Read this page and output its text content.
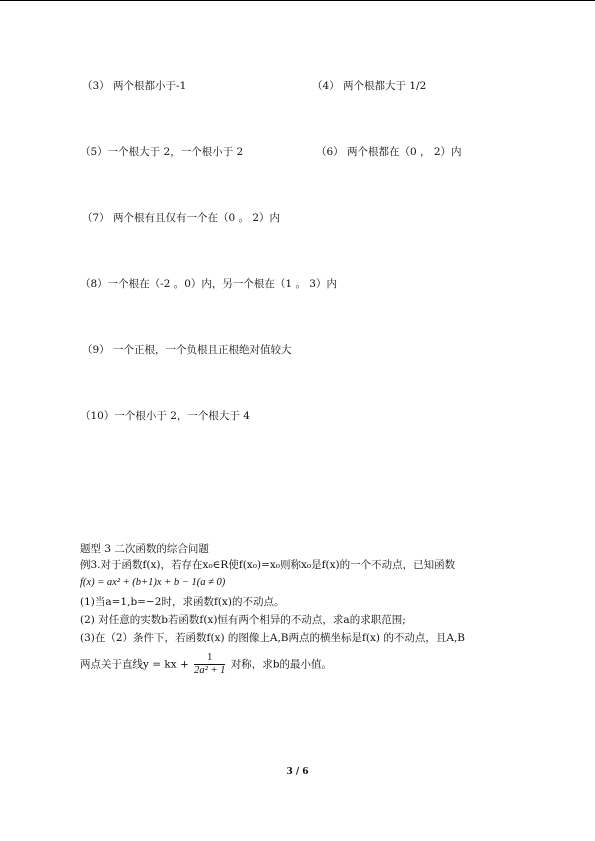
（3） 两个根都小于-1	（4） 两个根都大于 1/2
（5）一个根大于 2，一个根小于 2	（6） 两个根都在（0 ， 2）内
（7） 两个根有且仅有一个在（0 。 2）内
（8）一个根在（-2 。0）内，另一个根在（1 。 3）内
（9） 一个正根，一个负根且正根绝对值较大
（10）一个根小于 2，一个根大于 4
题型 3 二次函数的综合问题
例3.对于函数f(x)，若存在x₀∈R使f(x₀)=x₀则称x₀是f(x)的一个不动点，已知函数
f(x) = ax² + (b+1)x + b − 1(a ≠ 0)
(1)当a=1,b=−2时，求函数f(x)的不动点。
(2) 对任意的实数b若函数f(x)恒有两个相异的不动点，求a的求职范围;
(3)在（2）条件下，若函数f(x) 的图像上A,B两点的横坐标是f(x) 的不动点，且A,B
两点关于直线y = kx + $\frac{1}{\text{2a² + 1}}$ 对称，求b的最小值。
3 / 6
